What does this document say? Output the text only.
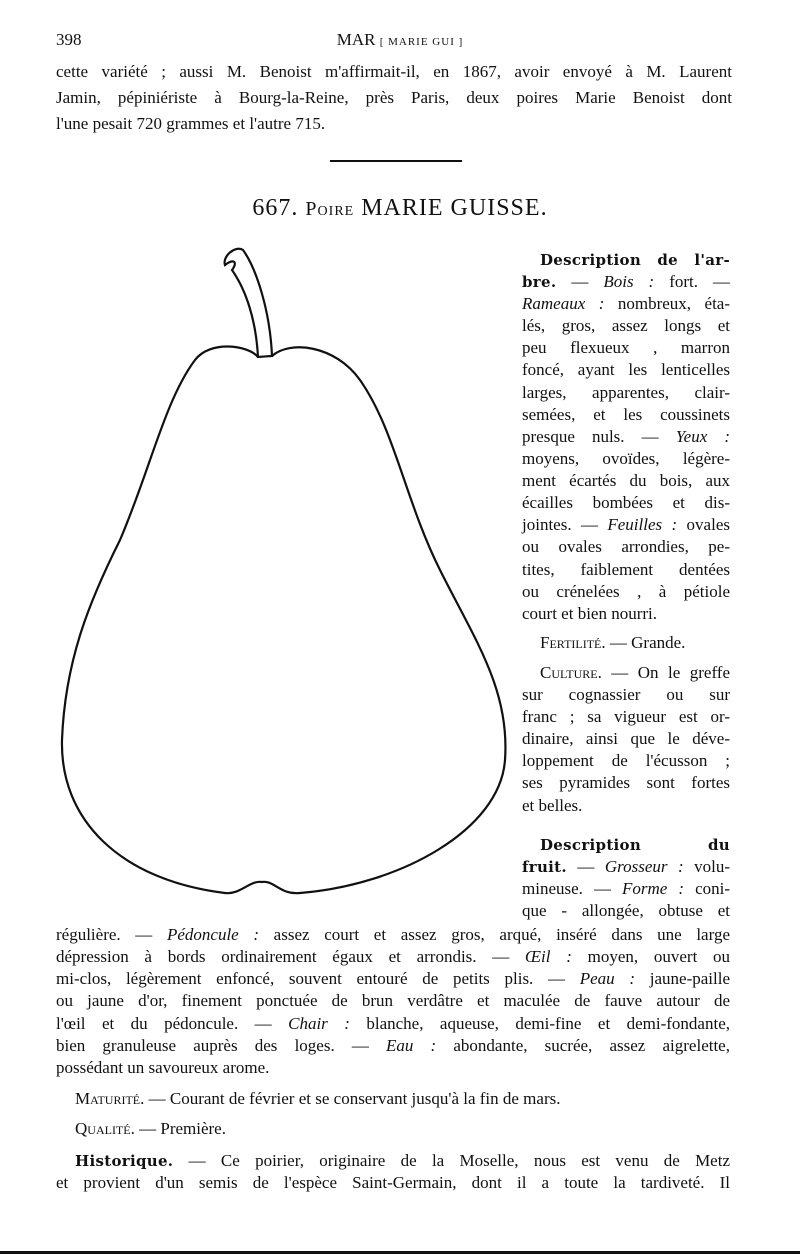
398	MAR [ MARIE GUI ]
667. Poire MARIE GUISSE.
cette variété ; aussi M. Benoist m'affirmait-il, en 1867, avoir envoyé à M. Laurent
Jamin, pépiniériste à Bourg-la-Reine, près Paris, deux poires Marie Benoist dont
l'une pesait 720 grammes et l'autre 715.
Description de l'ar-
bre. — Bois : fort. —
Rameaux : nombreux, éta-
lés, gros, assez longs et
peu flexueux , marron
foncé, ayant les lenticelles
larges, apparentes, clair-
semées, et les coussinets
presque nuls. — Yeux :
moyens, ovoïdes, légère-
ment écartés du bois, aux
écailles bombées et dis-
jointes. — Feuilles : ovales
ou ovales arrondies, pe-
tites, faiblement dentées
ou crénelées , à pétiole
court et bien nourri.
Fertilité. — Grande.
Culture. — On le greffe
sur cognassier ou sur
franc ; sa vigueur est or-
dinaire, ainsi que le déve-
loppement de l'écusson ;
ses pyramides sont fortes
et belles.
Description du
fruit. — Grosseur : volu-
mineuse. — Forme : coni-
que - allongée, obtuse et
régulière. — Pédoncule : assez court et assez gros, arqué, inséré dans une large
dépression à bords ordinairement égaux et arrondis. — Œil : moyen, ouvert ou
mi-clos, légèrement enfoncé, souvent entouré de petits plis. — Peau : jaune-paille
ou jaune d'or, finement ponctuée de brun verdâtre et maculée de fauve autour de
l'œil et du pédoncule. — Chair : blanche, aqueuse, demi-fine et demi-fondante,
bien granuleuse auprès des loges. — Eau : abondante, sucrée, assez aigrelette,
possédant un savoureux arome.
Maturité. — Courant de février et se conservant jusqu'à la fin de mars.
Qualité. — Première.
Historique. — Ce poirier, originaire de la Moselle, nous est venu de Metz
et provient d'un semis de l'espèce Saint-Germain, dont il a toute la tardiveté. Il
